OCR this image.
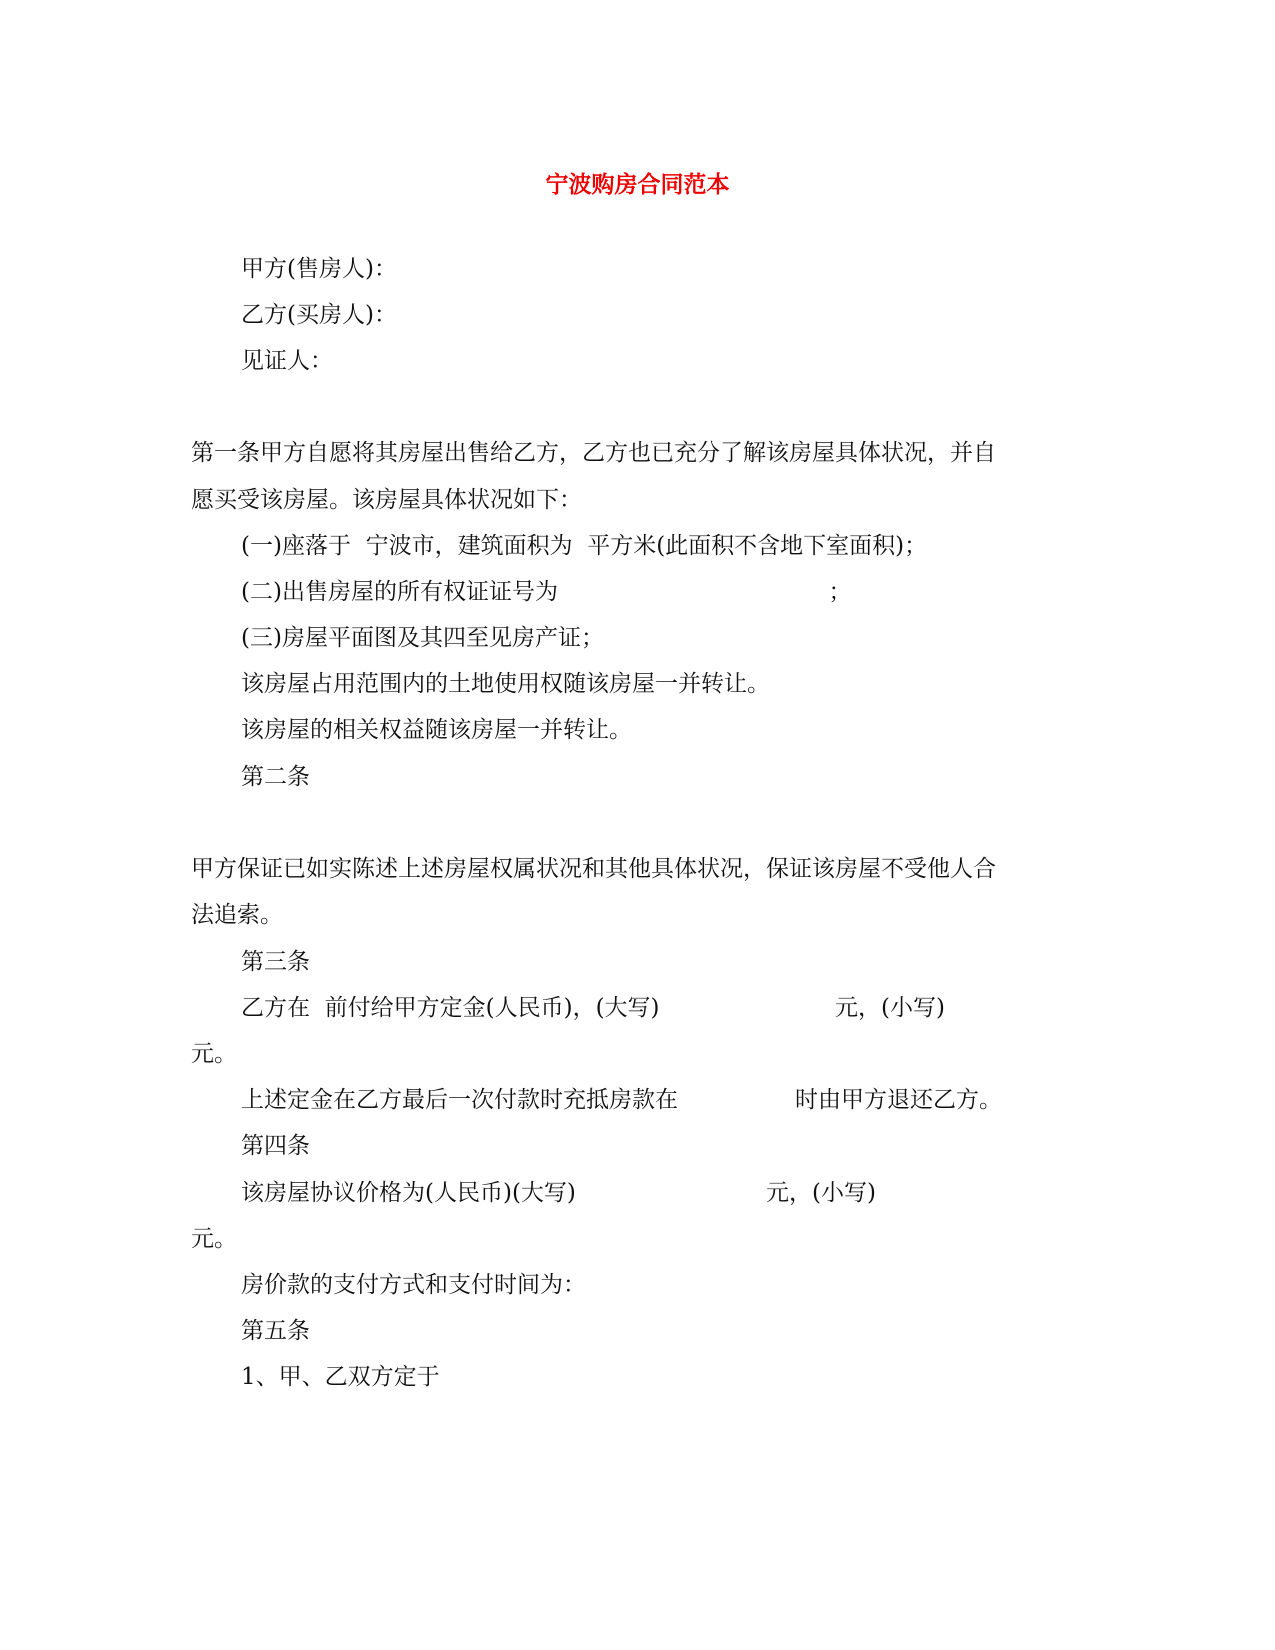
宁波购房合同范本
甲方(售房人)：
乙方(买房人)：
见证人：
第一条甲方自愿将其房屋出售给乙方，乙方也已充分了解该房屋具体状况，并自
愿买受该房屋。该房屋具体状况如下：
(一)座落于  宁波市，建筑面积为  平方米(此面积不含地下室面积)；
(二)出售房屋的所有权证证号为                                     ；
(三)房屋平面图及其四至见房产证；
该房屋占用范围内的土地使用权随该房屋一并转让。
该房屋的相关权益随该房屋一并转让。
第二条
甲方保证已如实陈述上述房屋权属状况和其他具体状况，保证该房屋不受他人合
法追索。
第三条
乙方在  前付给甲方定金(人民币)，(大写)                        元，(小写)
元。
上述定金在乙方最后一次付款时充抵房款在                时由甲方退还乙方。
第四条
该房屋协议价格为(人民币)(大写)                          元，(小写)
元。
房价款的支付方式和支付时间为：
第五条
1、甲、乙双方定于
